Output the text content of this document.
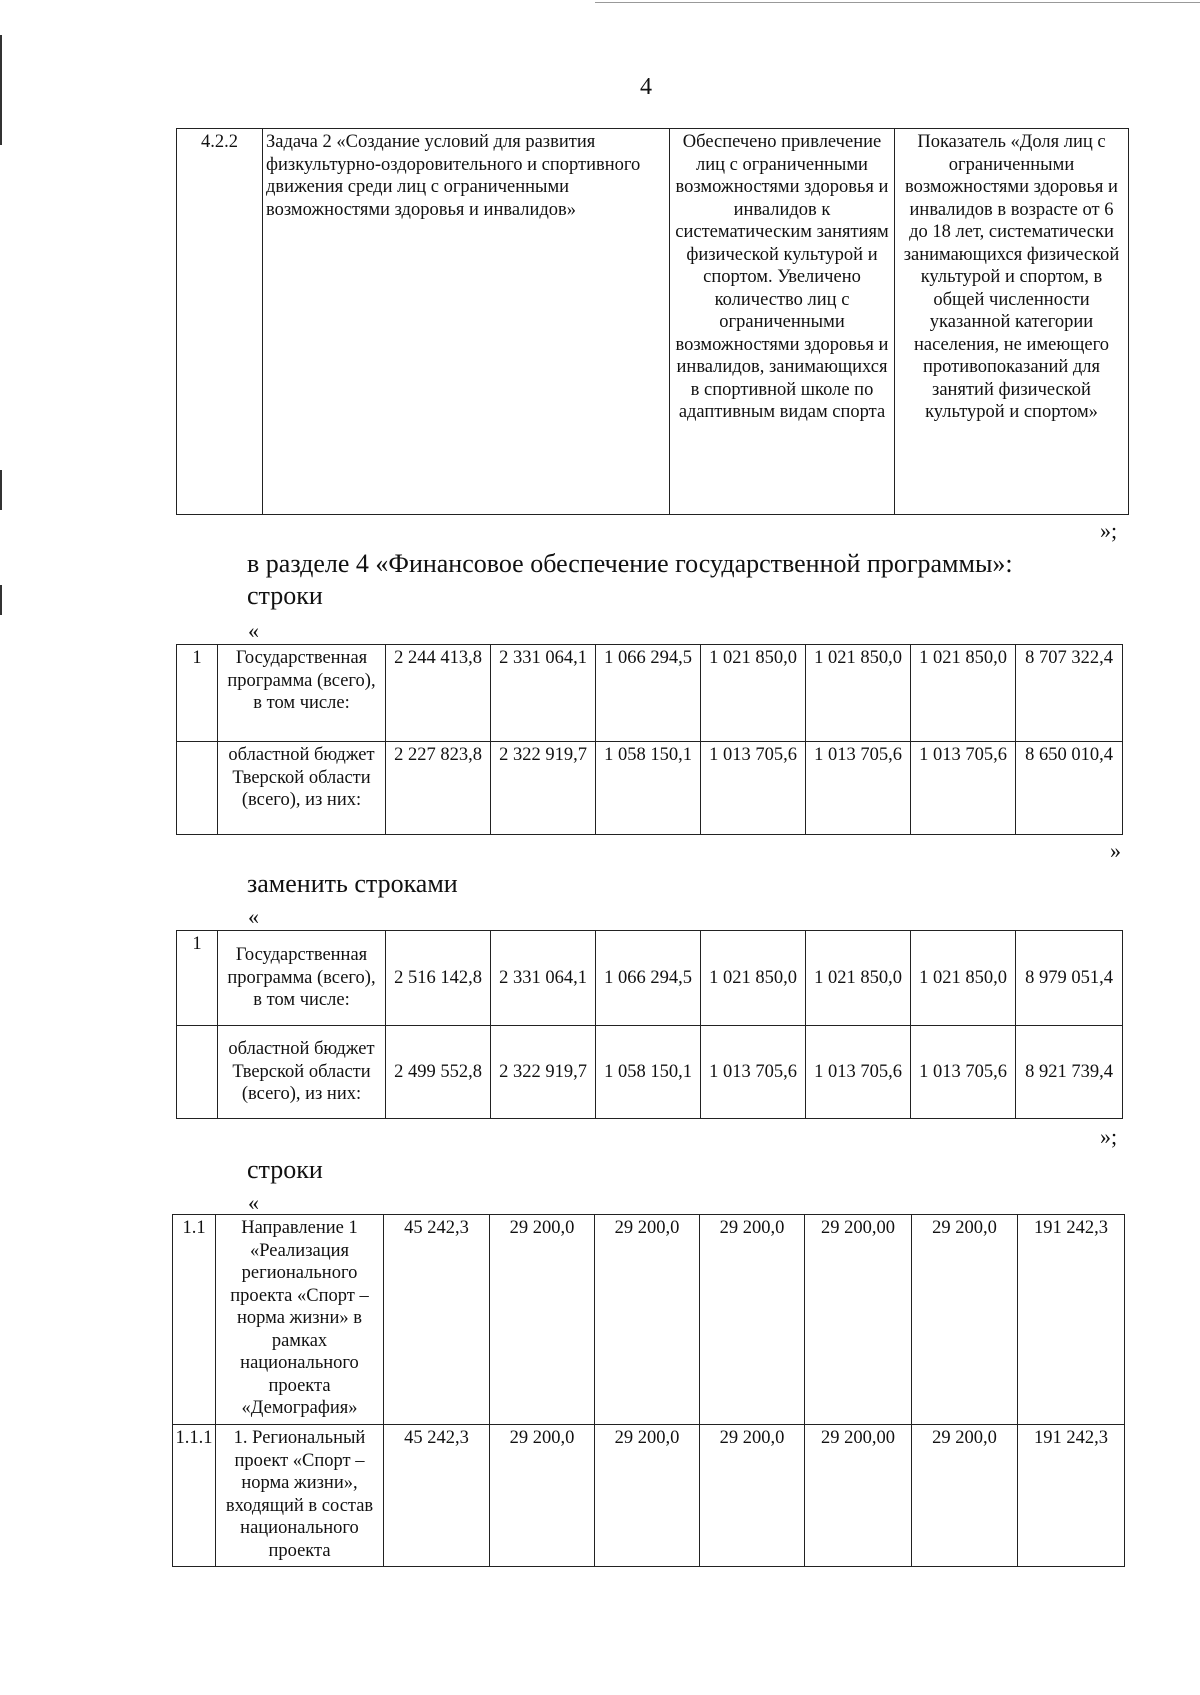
4
4.2.2	Задача 2 «Создание условий для развития физкультурно-оздоровительного и спортивного движения среди лиц с ограниченными возможностями здоровья и инвалидов»	Обеспечено привлечение лиц с ограниченными возможностями здоровья и инвалидов к систематическим занятиям физической культурой и спортом. Увеличено количество лиц с ограниченными возможностями здоровья и инвалидов, занимающихся в спортивной школе по адаптивным видам спорта	Показатель «Доля лиц с ограниченными возможностями здоровья и инвалидов в возрасте от 6 до 18 лет, систематически занимающихся физической культурой и спортом, в общей численности указанной категории населения, не имеющего противопоказаний для занятий физической культурой и спортом»
»;
в разделе 4 «Финансовое обеспечение государственной программы»:
строки
«
1	Государственная программа (всего), в том числе:	2 244 413,8	2 331 064,1	1 066 294,5	1 021 850,0	1 021 850,0	1 021 850,0	8 707 322,4
	областной бюджет Тверской области (всего), из них:	2 227 823,8	2 322 919,7	1 058 150,1	1 013 705,6	1 013 705,6	1 013 705,6	8 650 010,4
»
заменить строками
«
1	Государственная программа (всего), в том числе:	2 516 142,8	2 331 064,1	1 066 294,5	1 021 850,0	1 021 850,0	1 021 850,0	8 979 051,4
	областной бюджет Тверской области (всего), из них:	2 499 552,8	2 322 919,7	1 058 150,1	1 013 705,6	1 013 705,6	1 013 705,6	8 921 739,4
»;
строки
«
1.1	Направление 1 «Реализация регионального проекта «Спорт – норма жизни» в рамках национального проекта «Демография»	45 242,3	29 200,0	29 200,0	29 200,0	29 200,00	29 200,0	191 242,3
1.1.1	1. Региональный проект «Спорт – норма жизни», входящий в состав национального проекта	45 242,3	29 200,0	29 200,0	29 200,0	29 200,00	29 200,0	191 242,3
